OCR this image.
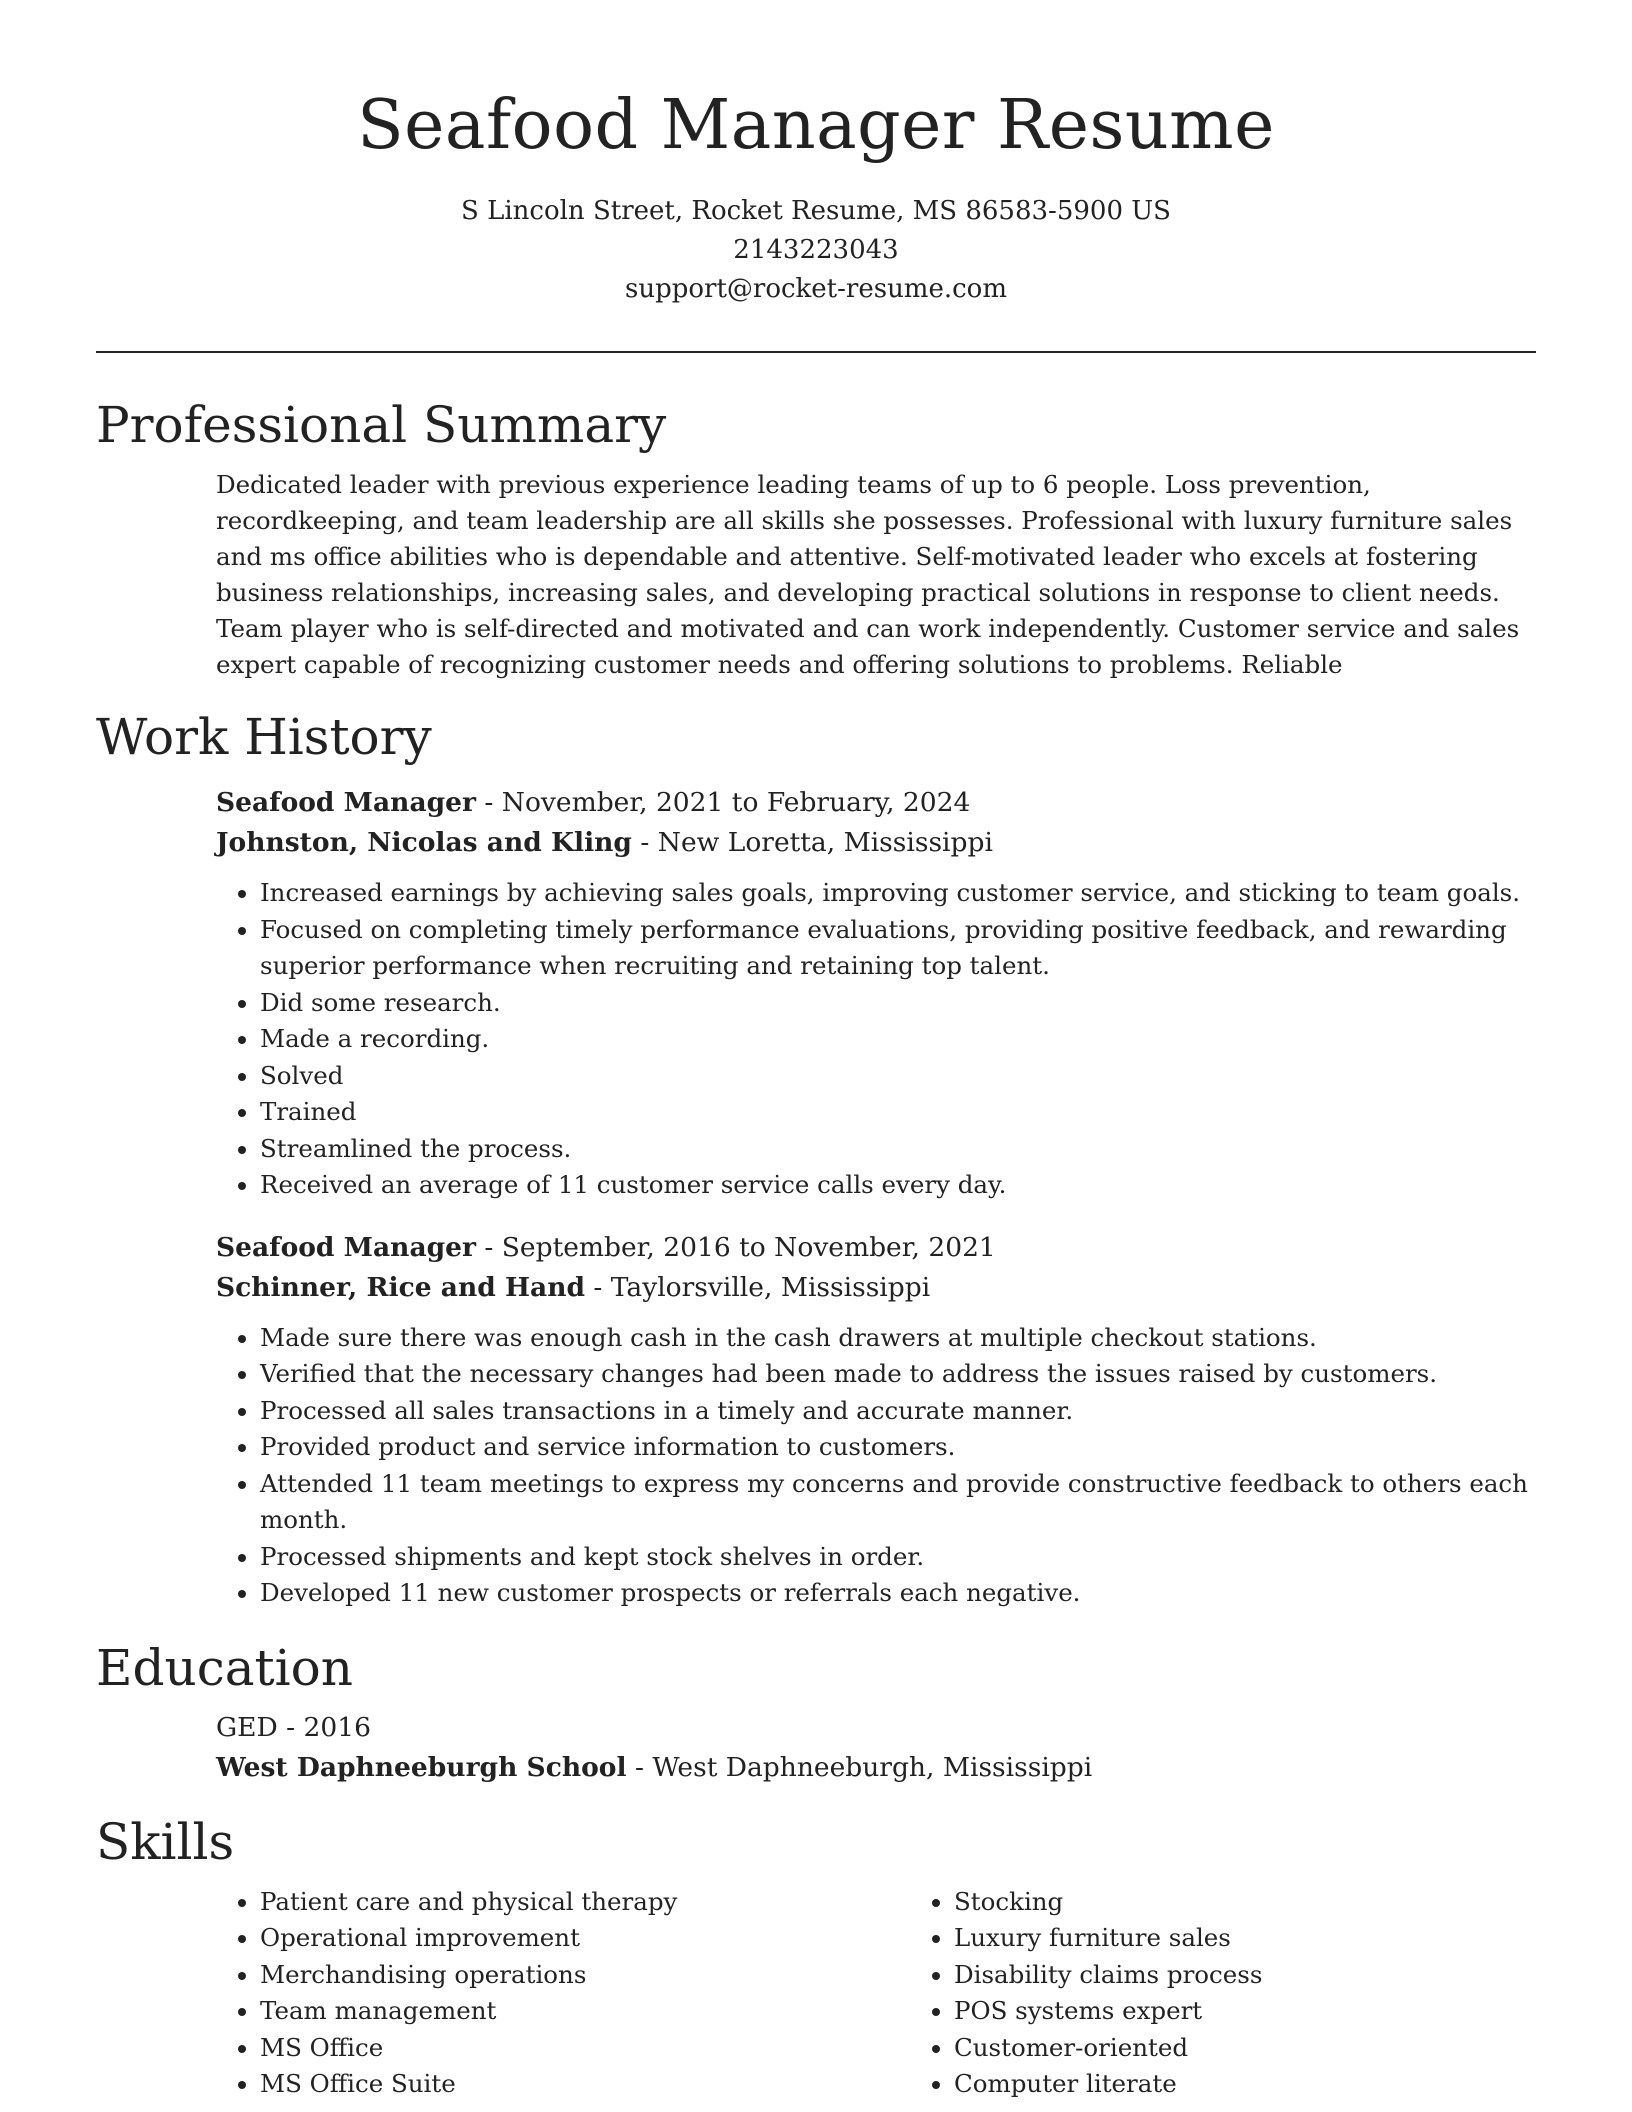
Seafood Manager Resume
S Lincoln Street, Rocket Resume, MS 86583-5900 US
2143223043
support@rocket-resume.com
Professional Summary

Dedicated leader with previous experience leading teams of up to 6 people. Loss prevention, recordkeeping, and team leadership are all skills she possesses. Professional with luxury furniture sales and ms office abilities who is dependable and attentive. Self-motivated leader who excels at fostering business relationships, increasing sales, and developing practical solutions in response to client needs. Team player who is self-directed and motivated and can work independently. Customer service and sales expert capable of recognizing customer needs and offering solutions to problems. Reliable

Work History
Seafood Manager - November, 2021 to February, 2024
Johnston, Nicolas and Kling - New Loretta, Mississippi
• Increased earnings by achieving sales goals, improving customer service, and sticking to team goals.
• Focused on completing timely performance evaluations, providing positive feedback, and rewarding superior performance when recruiting and retaining top talent.
• Did some research.
• Made a recording.
• Solved
• Trained
• Streamlined the process.
• Received an average of 11 customer service calls every day.
Seafood Manager - September, 2016 to November, 2021
Schinner, Rice and Hand - Taylorsville, Mississippi
• Made sure there was enough cash in the cash drawers at multiple checkout stations.
• Verified that the necessary changes had been made to address the issues raised by customers.
• Processed all sales transactions in a timely and accurate manner.
• Provided product and service information to customers.
• Attended 11 team meetings to express my concerns and provide constructive feedback to others each month.
• Processed shipments and kept stock shelves in order.
• Developed 11 new customer prospects or referrals each negative.
Education
GED - 2016
West Daphneeburgh School - West Daphneeburgh, Mississippi
Skills
• Patient care and physical therapy
• Operational improvement
• Merchandising operations
• Team management
• MS Office
• MS Office Suite
• Stocking
• Luxury furniture sales
• Disability claims process
• POS systems expert
• Customer-oriented
• Computer literate
